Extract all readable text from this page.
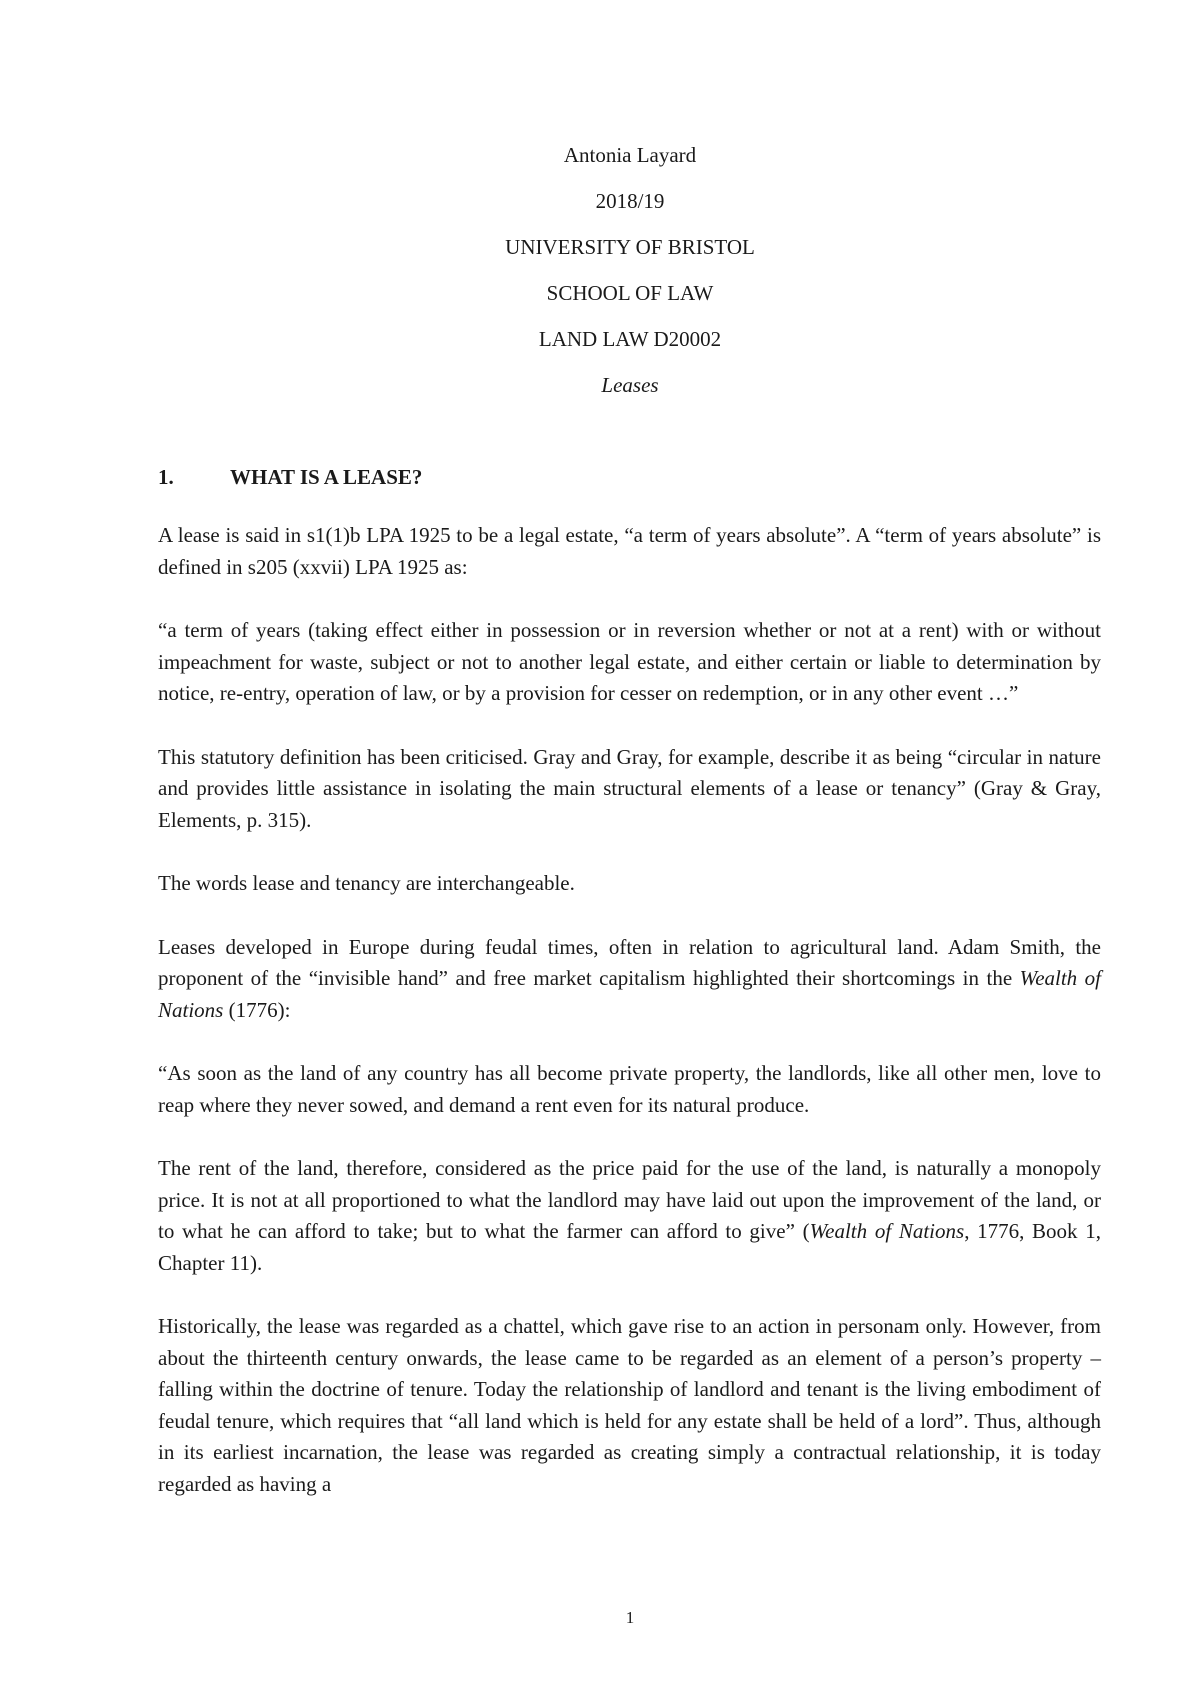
Antonia Layard
2018/19
UNIVERSITY OF BRISTOL
SCHOOL OF LAW
LAND LAW D20002
Leases
1.	WHAT IS A LEASE?

A lease is said in s1(1)b LPA 1925 to be a legal estate, “a term of years absolute”. A “term of years absolute” is defined in s205 (xxvii) LPA 1925 as:

“a term of years (taking effect either in possession or in reversion whether or not at a rent) with or without impeachment for waste, subject or not to another legal estate, and either certain or liable to determination by notice, re-entry, operation of law, or by a provision for cesser on redemption, or in any other event …”

This statutory definition has been criticised. Gray and Gray, for example, describe it as being “circular in nature and provides little assistance in isolating the main structural elements of a lease or tenancy” (Gray & Gray, Elements, p. 315).

The words lease and tenancy are interchangeable.

Leases developed in Europe during feudal times, often in relation to agricultural land. Adam Smith, the proponent of the “invisible hand” and free market capitalism highlighted their shortcomings in the Wealth of Nations (1776):

“As soon as the land of any country has all become private property, the landlords, like all other men, love to reap where they never sowed, and demand a rent even for its natural produce.

The rent of the land, therefore, considered as the price paid for the use of the land, is naturally a monopoly price. It is not at all proportioned to what the landlord may have laid out upon the improvement of the land, or to what he can afford to take; but to what the farmer can afford to give” (Wealth of Nations, 1776, Book 1, Chapter 11).

Historically, the lease was regarded as a chattel, which gave rise to an action in personam only. However, from about the thirteenth century onwards, the lease came to be regarded as an element of a person’s property – falling within the doctrine of tenure. Today the relationship of landlord and tenant is the living embodiment of feudal tenure, which requires that “all land which is held for any estate shall be held of a lord”. Thus, although in its earliest incarnation, the lease was regarded as creating simply a contractual relationship, it is today regarded as having a

1
